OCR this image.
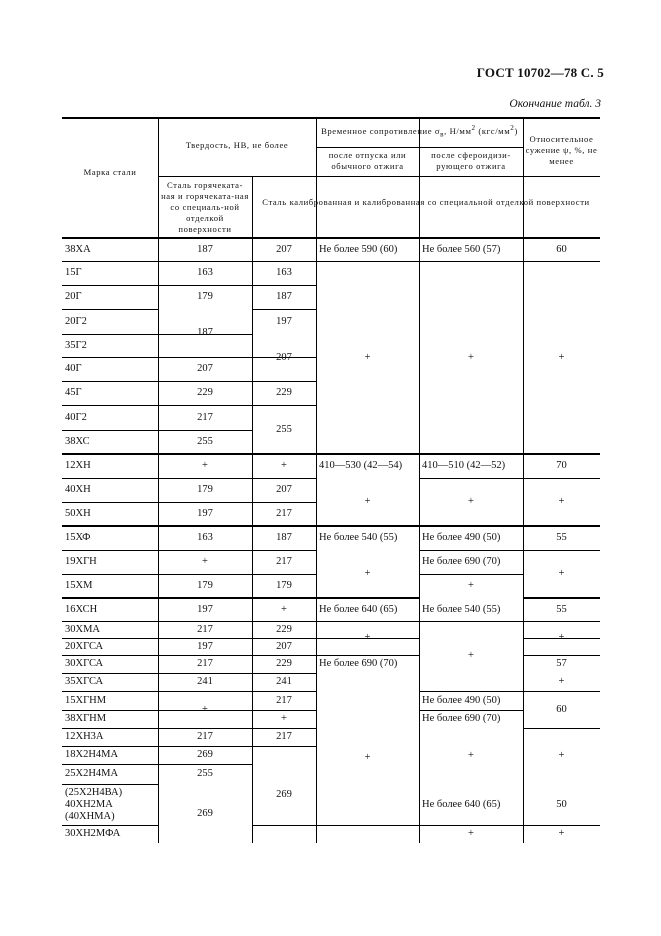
ГОСТ 10702—78 С. 5
Окончание табл. 3
Марка стали
Твердость, НВ, не более
Временное сопротивление $\sigma_в$, $Н/мм^2$ $(кгс/мм^2)$
после отпуска или обычного отжига
после сфероидизи-рующего отжига
Относительное сужение ψ, %, не менее
Сталь горячеката-ная и горячеката-ная со специаль-ной отделкой поверхности
Сталь калиброванная и калиброванная со специальной отделкой поверхности
38ХА
15Г
20Г
20Г2
35Г2
40Г
45Г
40Г2
38ХС
12ХН
40ХН
50ХН
15ХФ
19ХГН
15ХМ
16ХСН
30ХМА
20ХГСА
30ХГСА
35ХГСА
15ХГНМ
38ХГНМ
12ХН3А
18Х2Н4МА
25Х2Н4МА
(25Х2Н4ВА)
40ХН2МА
(40ХНМА)
30ХН2МФА
187
163
179
187
207
229
217
255
+
179
197
163
+
179
197
217
197
217
241
+
217
269
255
269
207
163
187
197
207
229
255
+
207
217
187
217
179
+
229
207
229
241
217
+
217
269
Не более 590 (60)
+
410—530 (42—54)
+
Не более 540 (55)
+
Не более 640 (65)
+
Не более 690 (70)
+
Не более 560 (57)
+
410—510 (42—52)
+
Не более 490 (50)
Не более 690 (70)
+
Не более 540 (55)
+
Не более 490 (50)
Не более 690 (70)
+
Не более 640 (65)
+
60
+
70
+
55
+
55
+
57
+
60
+
50
+
